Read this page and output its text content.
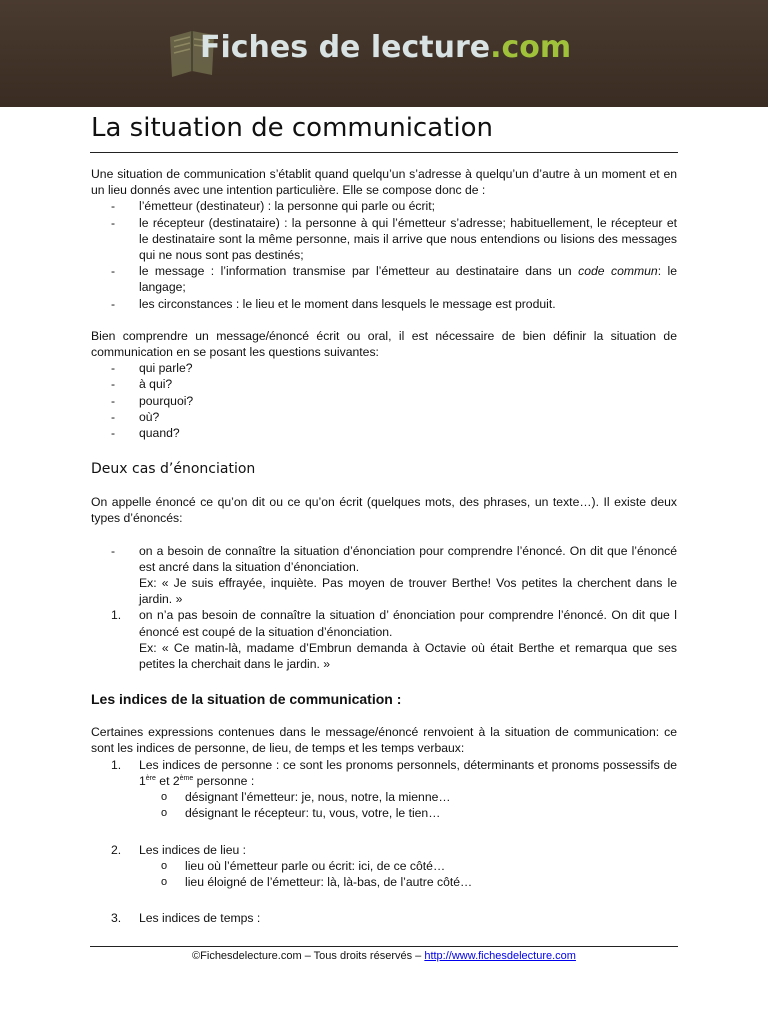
Fiches de lecture.com
La situation de communication

Une situation de communication s’établit quand quelqu’un s’adresse à quelqu’un d’autre à un moment et en un lieu donnés avec une intention particulière. Elle se compose donc de :

-	l’émetteur (destinateur) : la personne qui parle ou écrit;
-	le récepteur (destinataire) : la personne à qui l’émetteur s’adresse; habituellement, le récepteur et le destinataire sont la même personne, mais il arrive que nous entendions ou lisions des messages qui ne nous sont pas destinés;
-	le message : l’information transmise par l’émetteur au destinataire dans un code commun: le langage;
-	les circonstances : le lieu et le moment dans lesquels le message est produit.

Bien comprendre un message/énoncé écrit ou oral, il est nécessaire de bien définir la situation de communication en se posant les questions suivantes:

-	qui parle?
-	à qui?
-	pourquoi?
-	où?
-	quand?
Deux cas d’énonciation

On appelle énoncé ce qu’on dit ou ce qu’on écrit (quelques mots, des phrases, un texte…). Il existe deux types d’énoncés:

-	on a besoin de connaître la situation d’énonciation pour comprendre l’énoncé. On dit que l’énoncé est ancré dans la situation d’énonciation.
Ex: « Je suis effrayée, inquiète. Pas moyen de trouver Berthe! Vos petites la cherchent dans le jardin. »
1.	on n’a pas besoin de connaître la situation d’ énonciation pour comprendre l’énoncé. On dit que l énoncé est coupé de la situation d’énonciation.
Ex: « Ce matin-là, madame d’Embrun demanda à Octavie où était Berthe et remarqua que ses petites la cherchait dans le jardin. »
Les indices de la situation de communication :

Certaines expressions contenues dans le message/énoncé renvoient à la situation de communication: ce sont les indices de personne, de lieu, de temps et les temps verbaux:

1.	Les indices de personne : ce sont les pronoms personnels, déterminants et pronoms possessifs de 1ère et 2ème personne :
o désignant l’émetteur: je, nous, notre, la mienne…
o désignant le récepteur: tu, vous, votre, le tien…
2.	Les indices de lieu :
o lieu où l’émetteur parle ou écrit: ici, de ce côté…
o lieu éloigné de l’émetteur: là, là-bas, de l’autre côté…
3.	Les indices de temps :
©Fichesdelecture.com – Tous droits réservés – http://www.fichesdelecture.com
